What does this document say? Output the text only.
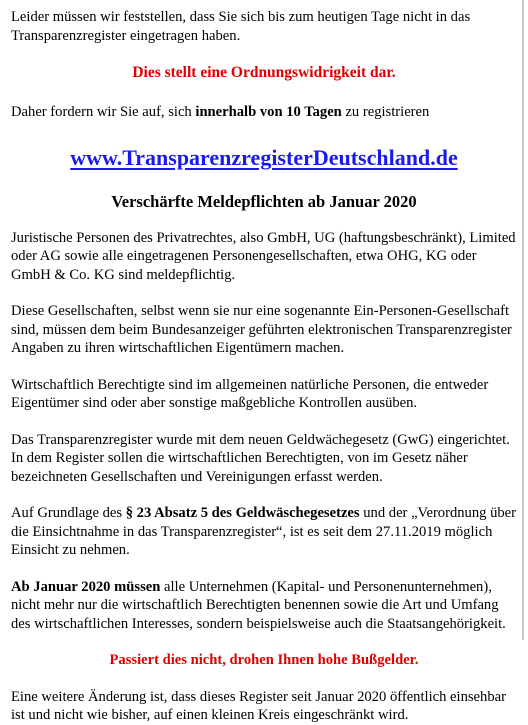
Leider müssen wir feststellen, dass Sie sich bis zum heutigen Tage nicht in das Transparenzregister eingetragen haben.

Dies stellt eine Ordnungswidrigkeit dar.

Daher fordern wir Sie auf, sich innerhalb von 10 Tagen zu registrieren

www.TransparenzregisterDeutschland.de

Verschärfte Meldepflichten ab Januar 2020

Juristische Personen des Privatrechtes, also GmbH, UG (haftungsbeschränkt), Limited oder AG sowie alle eingetragenen Personengesellschaften, etwa OHG, KG oder GmbH & Co. KG sind meldepflichtig.

Diese Gesellschaften, selbst wenn sie nur eine sogenannte Ein-Personen-Gesellschaft sind, müssen dem beim Bundesanzeiger geführten elektronischen Transparenzregister Angaben zu ihren wirtschaftlichen Eigentümern machen.

Wirtschaftlich Berechtigte sind im allgemeinen natürliche Personen, die entweder Eigentümer sind oder aber sonstige maßgebliche Kontrollen ausüben.

Das Transparenzregister wurde mit dem neuen Geldwächegesetz (GwG) eingerichtet. In dem Register sollen die wirtschaftlichen Berechtigten, von im Gesetz näher bezeichneten Gesellschaften und Vereinigungen erfasst werden.

Auf Grundlage des § 23 Absatz 5 des Geldwäschegesetzes und der „Verordnung über die Einsichtnahme in das Transparenzregister“, ist es seit dem 27.11.2019 möglich Einsicht zu nehmen.

Ab Januar 2020 müssen alle Unternehmen (Kapital- und Personenunternehmen), nicht mehr nur die wirtschaftlich Berechtigten benennen sowie die Art und Umfang des wirtschaftlichen Interesses, sondern beispielsweise auch die Staatsangehörigkeit.

Passiert dies nicht, drohen Ihnen hohe Bußgelder.

Eine weitere Änderung ist, dass dieses Register seit Januar 2020 öffentlich einsehbar ist und nicht wie bisher, auf einen kleinen Kreis eingeschränkt wird.
